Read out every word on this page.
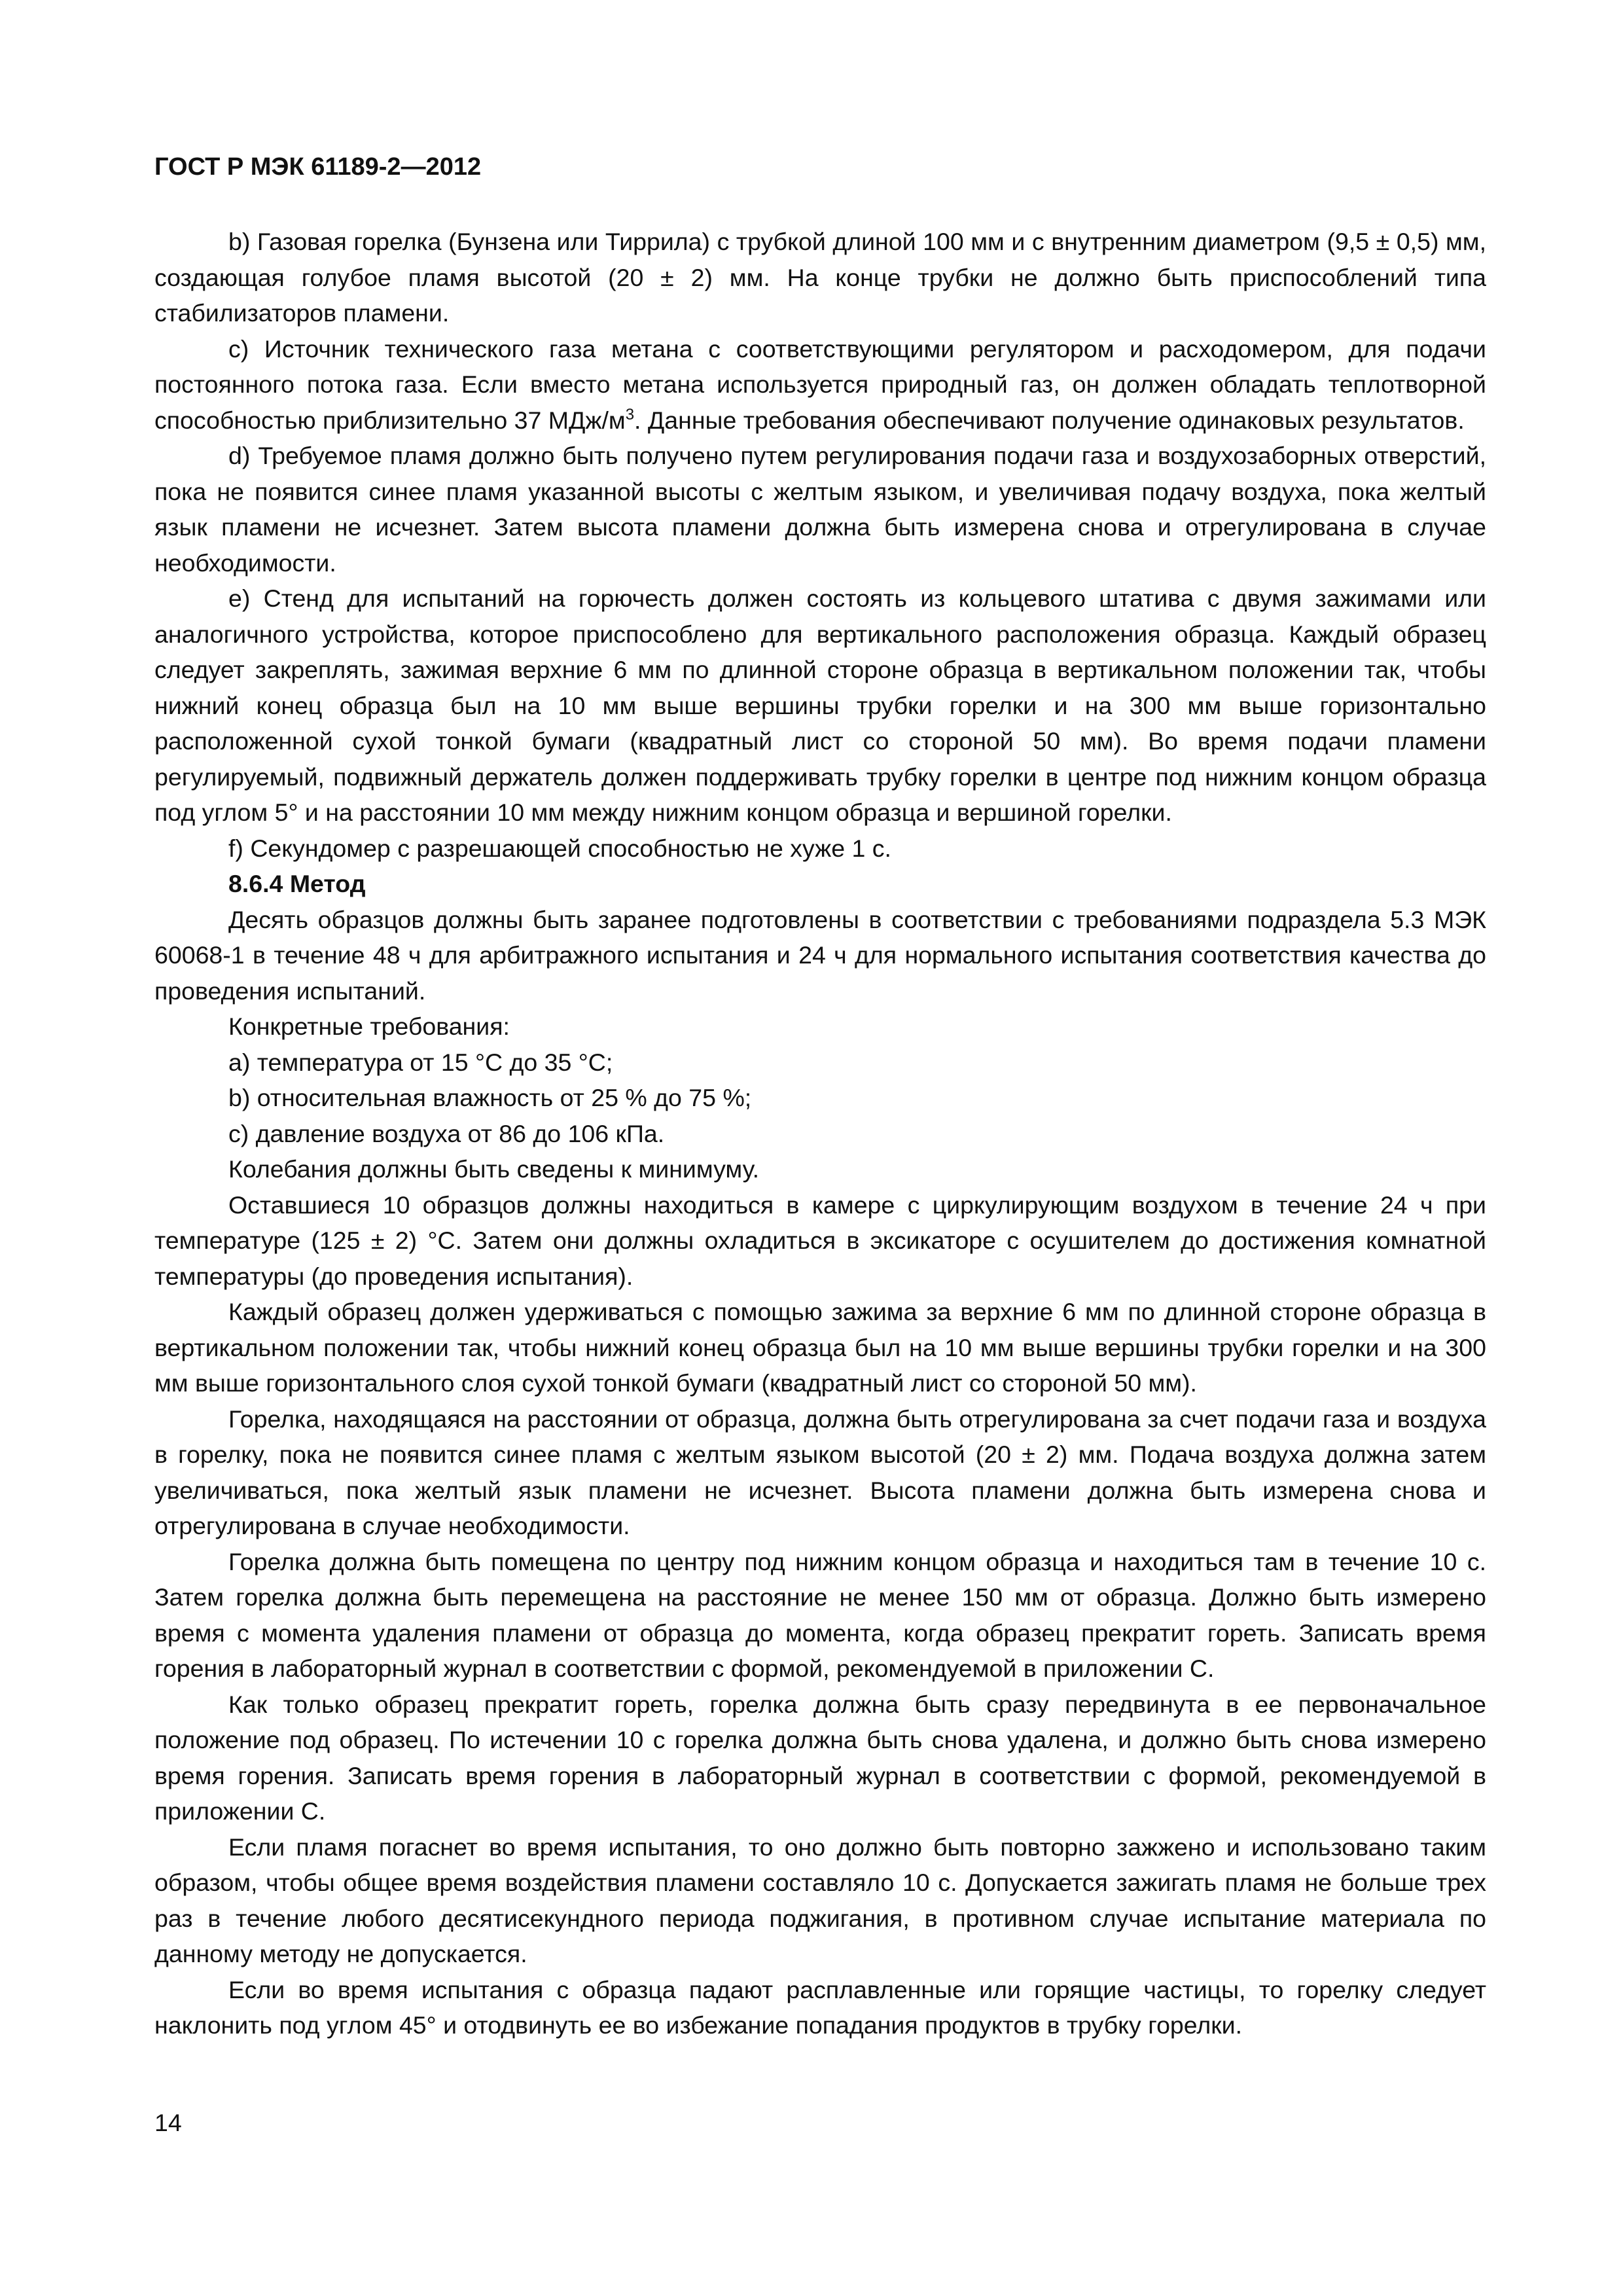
ГОСТ Р МЭК 61189-2—2012

b) Газовая горелка (Бунзена или Тиррила) с трубкой длиной 100 мм и с внутренним диаметром (9,5 ± 0,5) мм, создающая голубое пламя высотой (20 ± 2) мм. На конце трубки не должно быть приспособлений типа стабилизаторов пламени.

c) Источник технического газа метана с соответствующими регулятором и расходомером, для подачи постоянного потока газа. Если вместо метана используется природный газ, он должен обладать теплотворной способностью приблизительно 37 МДж/$м^3$. Данные требования обеспечивают получение одинаковых результатов.

d) Требуемое пламя должно быть получено путем регулирования подачи газа и воздухозаборных отверстий, пока не появится синее пламя указанной высоты с желтым языком, и увеличивая подачу воздуха, пока желтый язык пламени не исчезнет. Затем высота пламени должна быть измерена снова и отрегулирована в случае необходимости.

e) Стенд для испытаний на горючесть должен состоять из кольцевого штатива с двумя зажимами или аналогичного устройства, которое приспособлено для вертикального расположения образца. Каждый образец следует закреплять, зажимая верхние 6 мм по длинной стороне образца в вертикальном положении так, чтобы нижний конец образца был на 10 мм выше вершины трубки горелки и на 300 мм выше горизонтально расположенной сухой тонкой бумаги (квадратный лист со стороной 50 мм). Во время подачи пламени регулируемый, подвижный держатель должен поддерживать трубку горелки в центре под нижним концом образца под углом 5° и на расстоянии 10 мм между нижним концом образца и вершиной горелки.

f) Секундомер с разрешающей способностью не хуже 1 с.

8.6.4 Метод

Десять образцов должны быть заранее подготовлены в соответствии с требованиями подраздела 5.3 МЭК 60068-1 в течение 48 ч для арбитражного испытания и 24 ч для нормального испытания соответствия качества до проведения испытаний.

Конкретные требования:

a) температура от 15 °С до 35 °С;

b) относительная влажность от 25 % до 75 %;

c) давление воздуха от 86 до 106 кПа.

Колебания должны быть сведены к минимуму.

Оставшиеся 10 образцов должны находиться в камере с циркулирующим воздухом в течение 24 ч при температуре (125 ± 2) °С. Затем они должны охладиться в эксикаторе с осушителем до достижения комнатной температуры (до проведения испытания).

Каждый образец должен удерживаться с помощью зажима за верхние 6 мм по длинной стороне образца в вертикальном положении так, чтобы нижний конец образца был на 10 мм выше вершины трубки горелки и на 300 мм выше горизонтального слоя сухой тонкой бумаги (квадратный лист со стороной 50 мм).

Горелка, находящаяся на расстоянии от образца, должна быть отрегулирована за счет подачи газа и воздуха в горелку, пока не появится синее пламя с желтым языком высотой (20 ± 2) мм. Подача воздуха должна затем увеличиваться, пока желтый язык пламени не исчезнет. Высота пламени должна быть измерена снова и отрегулирована в случае необходимости.

Горелка должна быть помещена по центру под нижним концом образца и находиться там в течение 10 с. Затем горелка должна быть перемещена на расстояние не менее 150 мм от образца. Должно быть измерено время с момента удаления пламени от образца до момента, когда образец прекратит гореть. Записать время горения в лабораторный журнал в соответствии с формой, рекомендуемой в приложении С.

Как только образец прекратит гореть, горелка должна быть сразу передвинута в ее первоначальное положение под образец. По истечении 10 с горелка должна быть снова удалена, и должно быть снова измерено время горения. Записать время горения в лабораторный журнал в соответствии с формой, рекомендуемой в приложении С.

Если пламя погаснет во время испытания, то оно должно быть повторно зажжено и использовано таким образом, чтобы общее время воздействия пламени составляло 10 с. Допускается зажигать пламя не больше трех раз в течение любого десятисекундного периода поджигания, в противном случае испытание материала по данному методу не допускается.

Если во время испытания с образца падают расплавленные или горящие частицы, то горелку следует наклонить под углом 45° и отодвинуть ее во избежание попадания продуктов в трубку горелки.

14
